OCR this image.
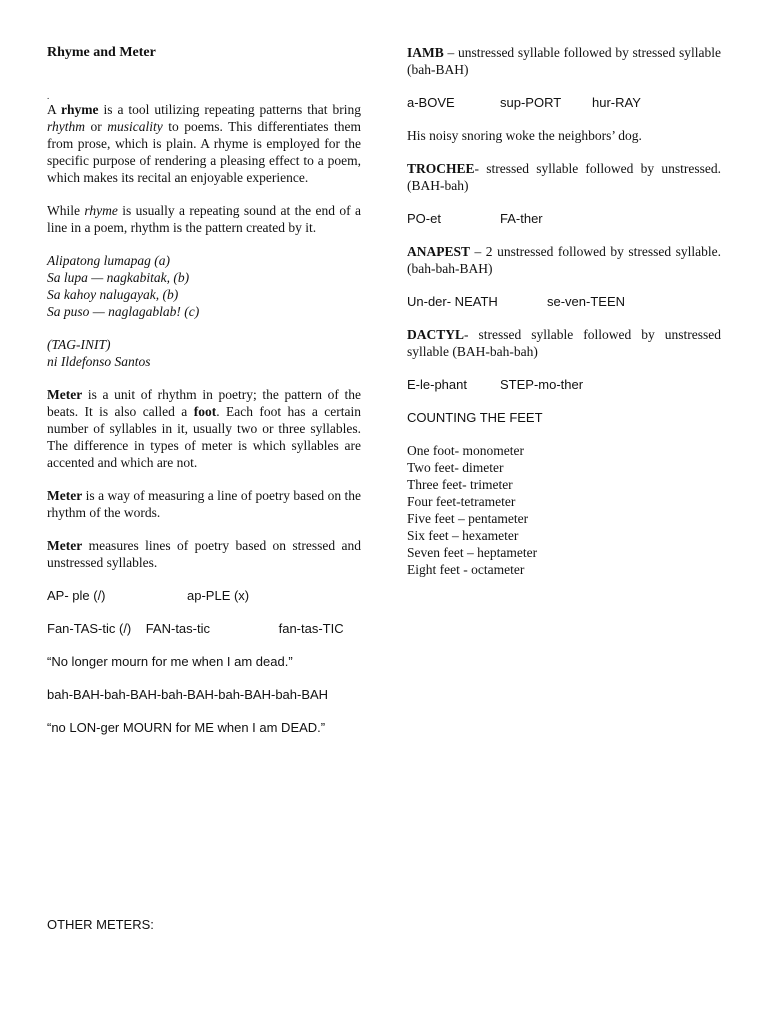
Rhyme and Meter

.

A rhyme is a tool utilizing repeating patterns that bring rhythm or musicality to poems. This differentiates them from prose, which is plain. A rhyme is employed for the specific purpose of rendering a pleasing effect to a poem, which makes its recital an enjoyable experience.

While rhyme is usually a repeating sound at the end of a line in a poem, rhythm is the pattern created by it.

Alipatong lumapag (a)
Sa lupa — nagkabitak, (b)
Sa kahoy nalugayak, (b)
Sa puso — naglagablab! (c)
(TAG-INIT)
ni Ildefonso Santos

Meter is a unit of rhythm in poetry; the pattern of the beats. It is also called a foot. Each foot has a certain number of syllables in it, usually two or three syllables. The difference in types of meter is which syllables are accented and which are not.

Meter is a way of measuring a line of poetry based on the rhythm of the words.

Meter measures lines of poetry based on stressed and unstressed syllables.

AP- ple (/)	ap-PLE (x)

Fan-TAS-tic (/)    FAN-tas-tic                   fan-tas-TIC

“No longer mourn for me when I am dead.”

bah-BAH-bah-BAH-bah-BAH-bah-BAH-bah-BAH

“no LON-ger MOURN for ME when I am DEAD.”

OTHER METERS:

IAMB – unstressed syllable followed by stressed syllable (bah-BAH)

a-BOVE	sup-PORT	hur-RAY

His noisy snoring woke the neighbors’ dog.

TROCHEE- stressed syllable followed by unstressed. (BAH-bah)

PO-et	FA-ther

ANAPEST – 2 unstressed followed by stressed syllable. (bah-bah-BAH)

Un-der- NEATH	se-ven-TEEN

DACTYL- stressed syllable followed by unstressed syllable (BAH-bah-bah)

E-le-phant	STEP-mo-ther

COUNTING THE FEET

One foot- monometer
Two feet- dimeter
Three feet- trimeter
Four feet-tetrameter
Five feet – pentameter
Six feet – hexameter
Seven feet – heptameter
Eight feet - octameter
